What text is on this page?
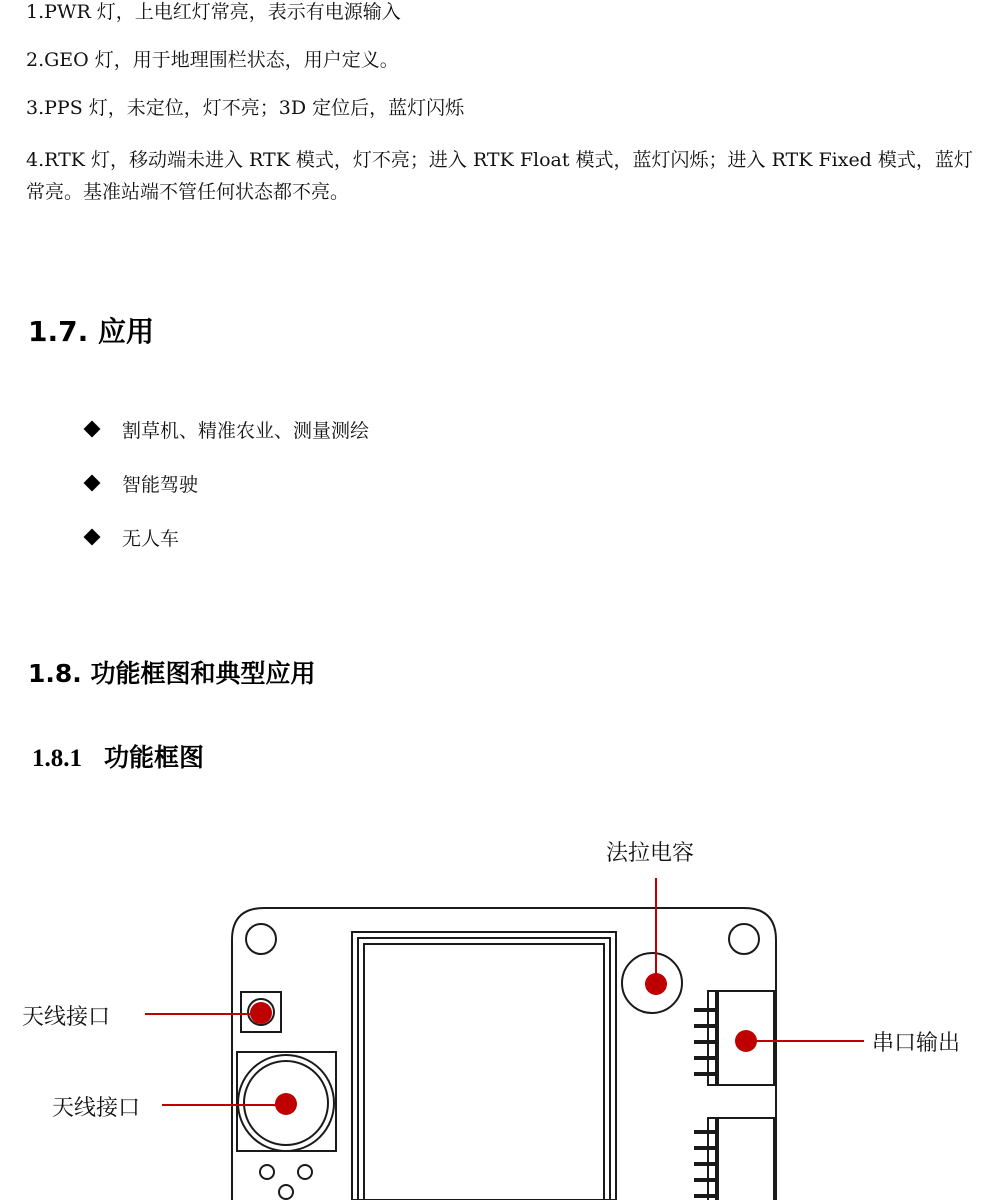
1.PWR 灯，上电红灯常亮，表示有电源输入

2.GEO 灯，用于地理围栏状态，用户定义。

3.PPS 灯，未定位，灯不亮；3D 定位后，蓝灯闪烁

4.RTK 灯，移动端未进入 RTK 模式，灯不亮；进入 RTK Float 模式，蓝灯闪烁；进入 RTK Fixed 模式，蓝灯常亮。基准站端不管任何状态都不亮。

1.7. 应用
割草机、精准农业、测量测绘
智能驾驶
无人车
1.8. 功能框图和典型应用
1.8.1 功能框图
法拉电容
天线接口
天线接口
串口输出
